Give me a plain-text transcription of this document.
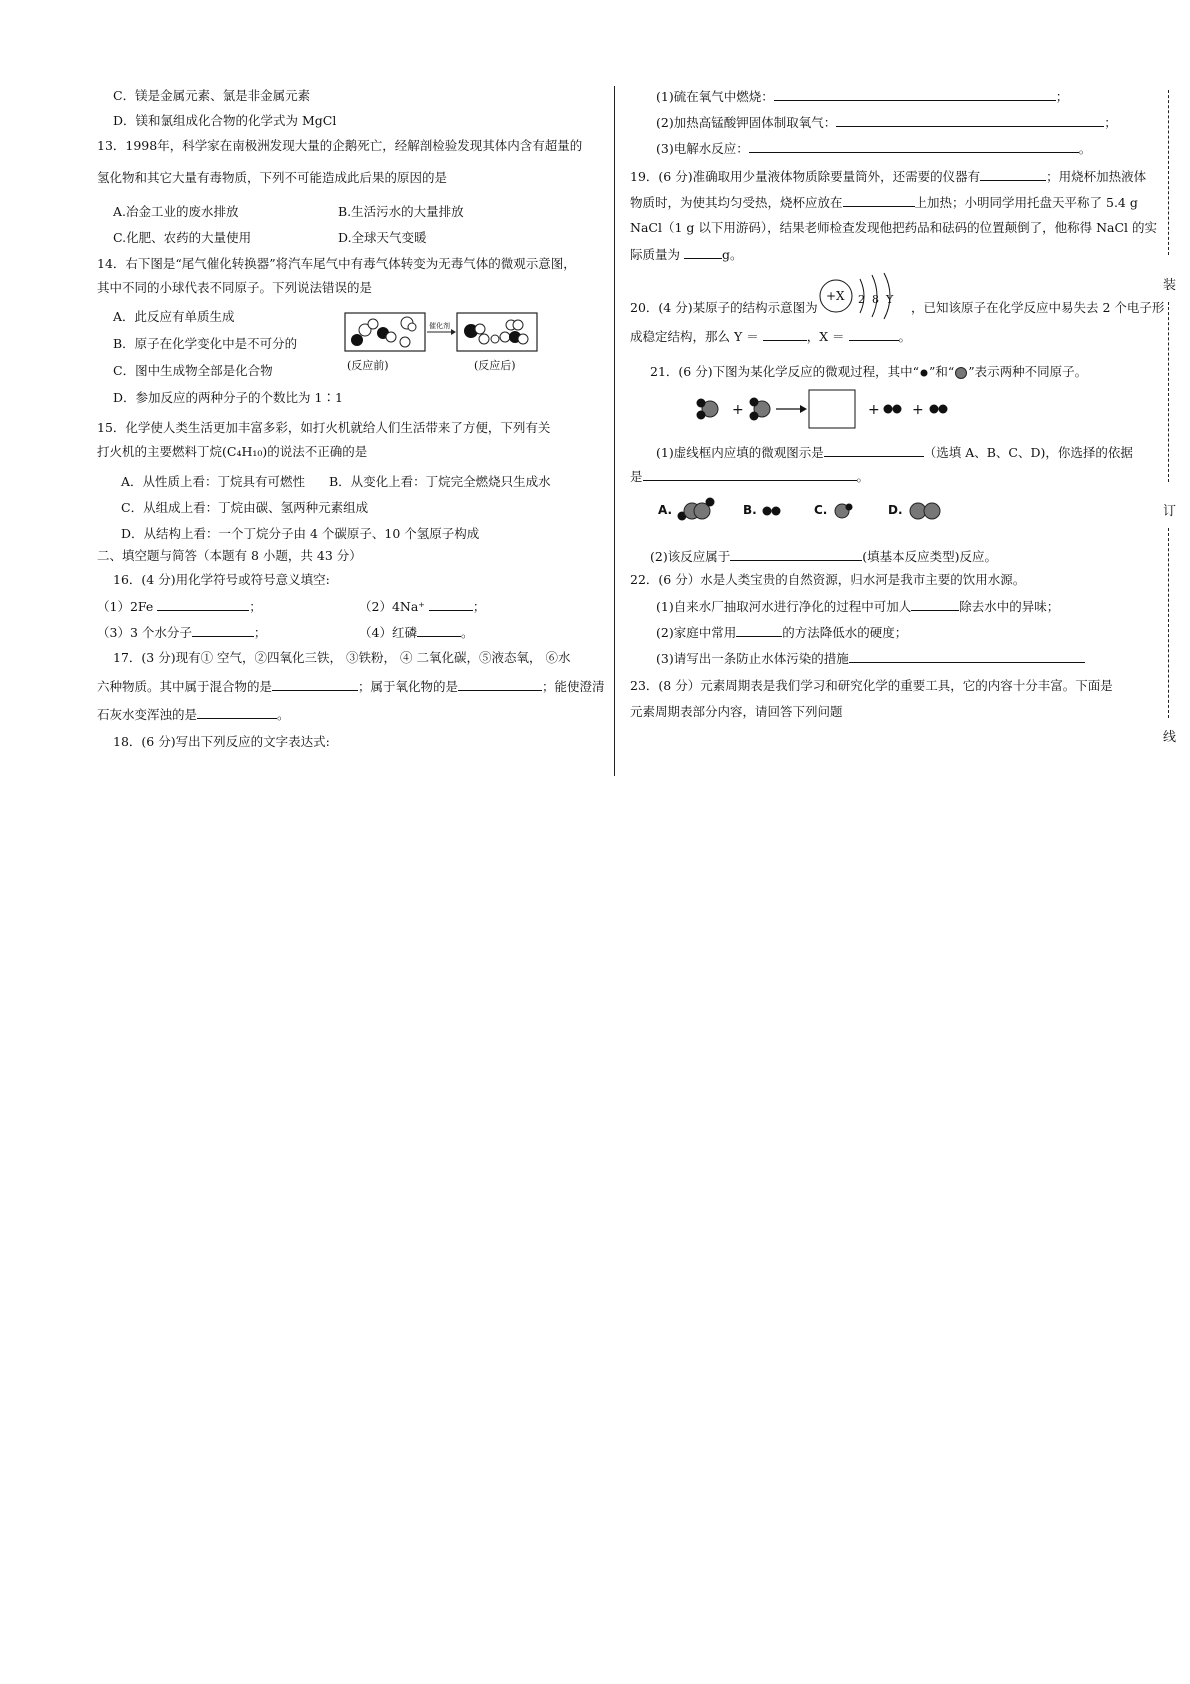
C．镁是金属元素、氯是非金属元素
D．镁和氯组成化合物的化学式为 MgCl
13．1998年，科学家在南极洲发现大量的企鹅死亡，经解剖检验发现其体内含有超量的
氢化物和其它大量有毒物质，下列不可能造成此后果的原因的是
A.冶金工业的废水排放	B.生活污水的大量排放
C.化肥、农药的大量使用	D.全球天气变暖
14．右下图是“尾气催化转换器”将汽车尾气中有毒气体转变为无毒气体的微观示意图，
其中不同的小球代表不同原子。下列说法错误的是
A．此反应有单质生成
B．原子在化学变化中是不可分的
C．图中生成物全部是化合物
D．参加反应的两种分子的个数比为 1∶1
催化剂
(反应前)	(反应后)
15．化学使人类生活更加丰富多彩，如打火机就给人们生活带来了方便，下列有关
打火机的主要燃料丁烷(C₄H₁₀)的说法不正确的是
A．从性质上看：丁烷具有可燃性 B．从变化上看：丁烷完全燃烧只生成水
C．从组成上看：丁烷由碳、氢两种元素组成
D．从结构上看：一个丁烷分子由 4 个碳原子、10 个氢原子构成
二、填空题与简答（本题有 8 小题，共 43 分）
16．(4 分)用化学符号或符号意义填空:
（1）2Fe	；	（2）4Na⁺	；
（3）3 个水分子	；	（4）红磷	。
17．(3 分)现有① 空气，②四氧化三铁， ③铁粉， ④ 二氧化碳，⑤液态氧， ⑥水
六种物质。其中属于混合物的是	；属于氧化物的是	；能使澄清
石灰水变浑浊的是	。
18．(6 分)写出下列反应的文字表达式:
(1)硫在氧气中燃烧：	；
(2)加热高锰酸钾固体制取氧气：	；
(3)电解水反应：	。
19．(6 分)准确取用少量液体物质除要量筒外，还需要的仪器有	；用烧杯加热液体
物质时，为使其均匀受热，烧杯应放在	上加热；小明同学用托盘天平称了 5.4 g
NaCl（1 g 以下用游码），结果老师检查发现他把药品和砝码的位置颠倒了，他称得 NaCl 的实
际质量为	g。
20．(4 分)某原子的结构示意图为
+X 2 8 Y
，已知该原子在化学反应中易失去 2 个电子形
成稳定结构，那么 Y ＝	，X ＝	。
21．(6 分)下图为某化学反应的微观过程，其中“ ”和“ ”表示两种不同原子。
+	+ +
(1)虚线框内应填的微观图示是	（选填 A、B、C、D)，你选择的依据
是	。
A.	B.	C.	D.
(2)该反应属于	(填基本反应类型)反应。
22．(6 分）水是人类宝贵的自然资源，归水河是我市主要的饮用水源。
(1)自来水厂抽取河水进行净化的过程中可加人	除去水中的异味；
(2)家庭中常用	的方法降低水的硬度；
(3)请写出一条防止水体污染的措施
23．(8 分）元素周期表是我们学习和研究化学的重要工具，它的内容十分丰富。下面是
元素周期表部分内容，请回答下列问题
装
订
线
